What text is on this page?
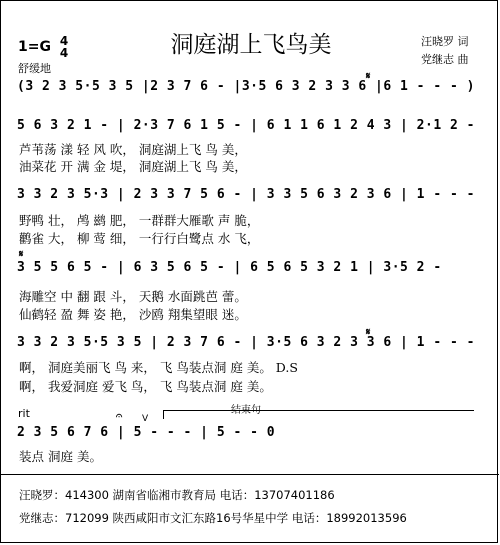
洞庭湖上飞鸟美
1=G 4
4
舒缓地
汪晓罗 词
党继志 曲
(3 2 3 5·5 3 5 |2 3 7 6 - |3·5 6 3 2 3 3 6 |6 1 - - - )
𝄋
5 6 3 2 1 - | 2·3 7 6 1 5 - | 6 1 1 6 1 2 4 3 | 2·1 2 -
芦苇荡 漾 轻 风 吹， 洞庭湖上飞 鸟 美，
油菜花 开 满 金 堤， 洞庭湖上飞 鸟 美，
3 3 2 3 5·3 | 2 3 3 7 5 6 - | 3 3 5 6 3 2 3 6 | 1 - - -
野鸭 壮， 鸬 鹚 肥， 一群群大雁歌 声 脆，
鹳雀 大， 柳 莺 细， 一行行白鹭点 水 飞，
𝄋
3 5 5 6 5 - | 6 3 5 6 5 - | 6 5 6 5 3 2 1 | 3·5 2 -
海雕空 中 翻 跟 斗， 天鹅 水面跳芭 蕾。
仙鹤轻 盈 舞 姿 艳， 沙鸥 翔集望眼 迷。
3 3 2 3 5·5 3 5 | 2 3 7 6 - | 3·5 6 3 2 3 3 6 | 1 - - -
𝄋
啊， 洞庭美丽飞 鸟 来， 飞 鸟装点洞 庭 美。 D.S
啊， 我爱洞庭 爱飞 鸟， 飞 鸟装点洞 庭 美。
rit	结束句
𝄐 V
2 3 5 6 7 6 | 5 - - - | 5 - - 0
装点 洞庭 美。
汪晓罗：414300 湖南省临湘市教育局 电话：13707401186
党继志：712099 陕西咸阳市文汇东路16号华星中学 电话：18992013596
